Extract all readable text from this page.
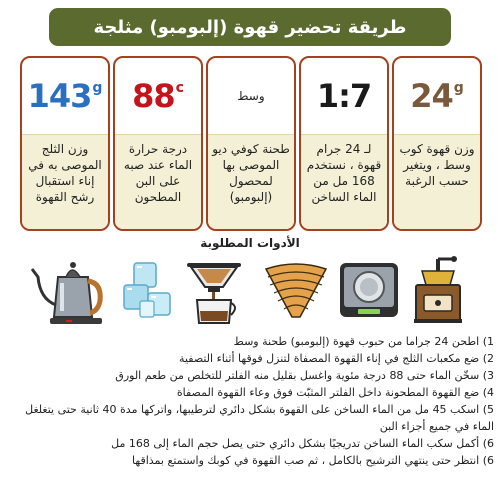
طريقة تحضير قهوة (إلبومبو) مثلجة
24 g
وزن قهوة كوب وسط ، ويتغير حسب الرغبة
1:7
لـ 24 جرام قهوة ، نستخدم 168 مل من الماء الساخن
وسط
طحنة كوفي ديو الموصى بها لمحصول (إلبومبو)
88 c
درجة حرارة الماء عند صبه على البن المطحون
143 g
وزن الثلج الموصى به في إناء استقبال رشح القهوة
الأدوات المطلوبة
1) اطحن 24 جراما من حبوب قهوة (إلبومبو) طحنة وسط
2) ضع مكعبات الثلج في إناء القهوة المصفاة لتنزل فوقها أثناء التصفية
3) سخّن الماء حتى 88 درجة مئوية واغسل بقليل منه الفلتر للتخلص من طعم الورق
4) ضع القهوة المطحونة داخل الفلتر المثبّت فوق وعاء القهوة المصفاة
5) اسكب 45 مل من الماء الساخن على القهوة بشكل دائري لترطيبها، واتركها مدة 40 ثانية حتى يتغلغل الماء في جميع أجزاء البن
6) أكمل سكب الماء الساخن تدريجيًا بشكل دائري حتى يصل حجم الماء إلى 168 مل
6) انتظر حتى ينتهي الترشيح بالكامل ، ثم صب القهوة في كوبك واستمتع بمذاقها
